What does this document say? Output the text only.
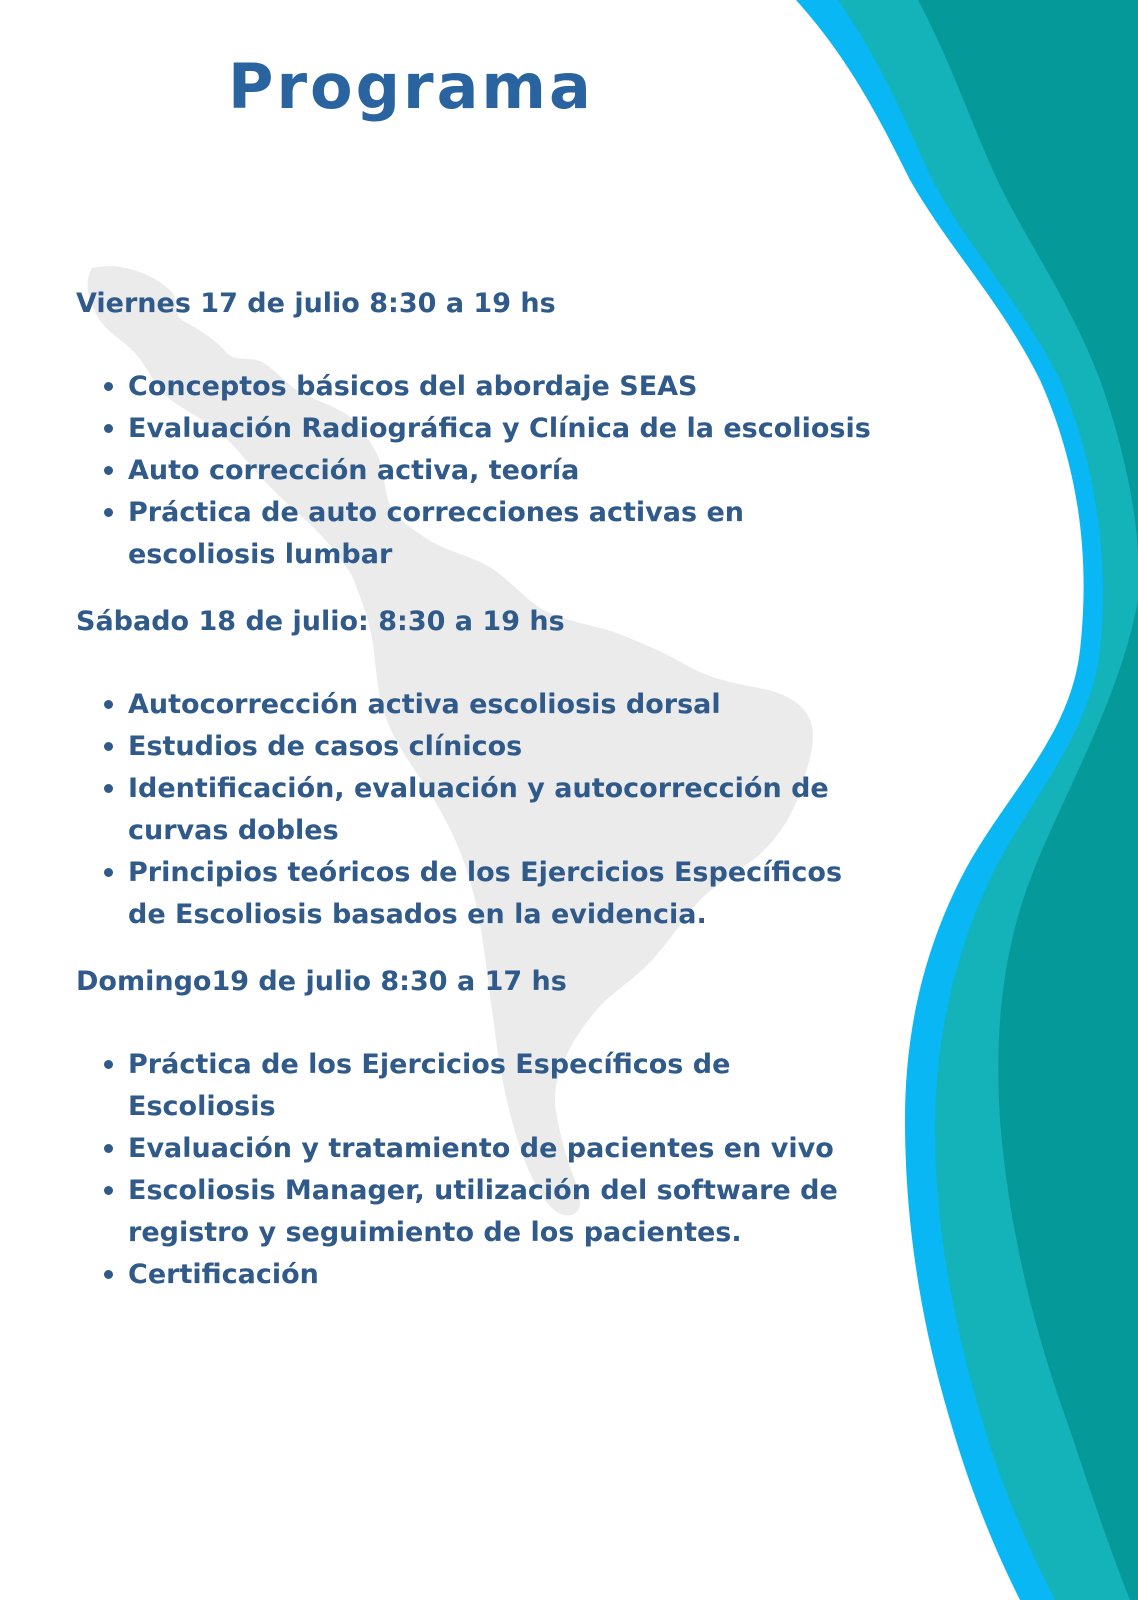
Programa
Viernes 17 de julio 8:30 a 19 hs
Conceptos básicos del abordaje SEAS
Evaluación Radiográfica y Clínica de la escoliosis
Auto corrección activa, teoría
Práctica de auto correcciones activas en escoliosis lumbar
Sábado 18 de julio: 8:30 a 19 hs
Autocorrección activa escoliosis dorsal
Estudios de casos clínicos
Identificación, evaluación y autocorrección de curvas dobles
Principios teóricos de los Ejercicios Específicos de Escoliosis basados en la evidencia.
Domingo19 de julio 8:30 a 17 hs
Práctica de los Ejercicios Específicos de Escoliosis
Evaluación y tratamiento de pacientes en vivo
Escoliosis Manager, utilización del software de registro y seguimiento de los pacientes.
Certificación
